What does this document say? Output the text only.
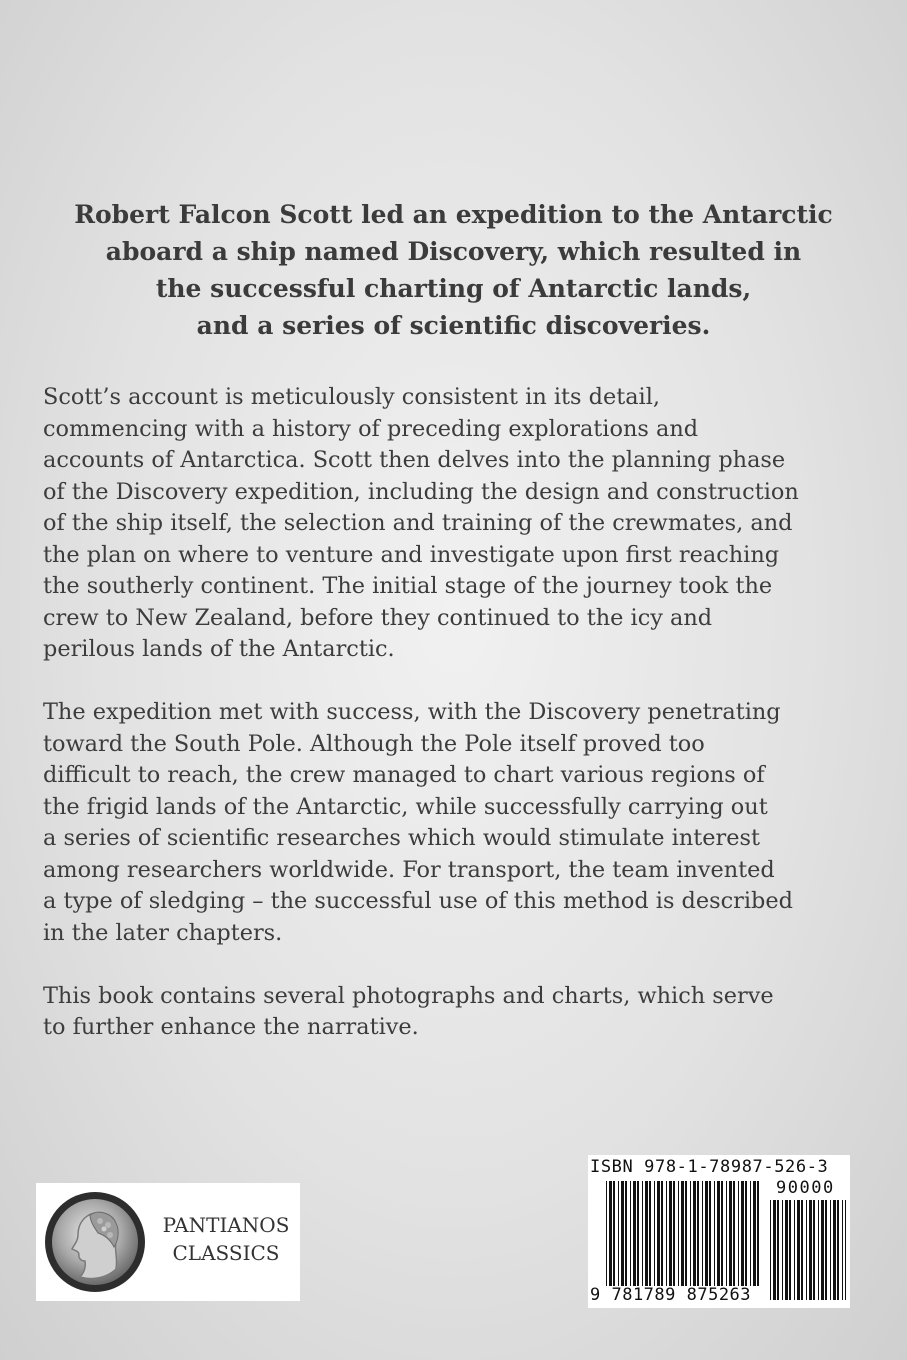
Robert Falcon Scott led an expedition to the Antarctic
aboard a ship named Discovery, which resulted in
the successful charting of Antarctic lands,
and a series of scientific discoveries.

Scott’s account is meticulously consistent in its detail,
commencing with a history of preceding explorations and
accounts of Antarctica. Scott then delves into the planning phase
of the Discovery expedition, including the design and construction
of the ship itself, the selection and training of the crewmates, and
the plan on where to venture and investigate upon first reaching
the southerly continent. The initial stage of the journey took the
crew to New Zealand, before they continued to the icy and
perilous lands of the Antarctic.

The expedition met with success, with the Discovery penetrating
toward the South Pole. Although the Pole itself proved too
difficult to reach, the crew managed to chart various regions of
the frigid lands of the Antarctic, while successfully carrying out
a series of scientific researches which would stimulate interest
among researchers worldwide. For transport, the team invented
a type of sledging – the successful use of this method is described
in the later chapters.

This book contains several photographs and charts, which serve
to further enhance the narrative.

PANTIANOS
CLASSICS
ISBN 978-1-78987-526-3
90000
9 781789 875263
